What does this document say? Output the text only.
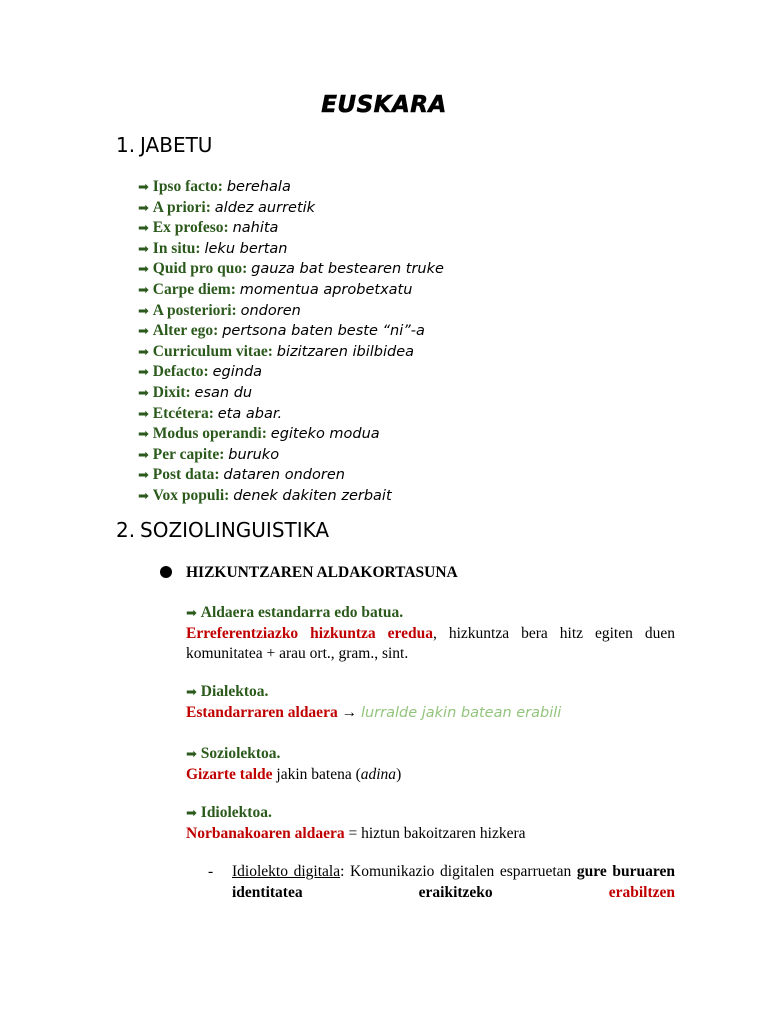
EUSKARA
1. JABETU
➡ Ipso facto: berehala
➡ A priori: aldez aurretik
➡ Ex profeso: nahita
➡ In situ: leku bertan
➡ Quid pro quo: gauza bat bestearen truke
➡ Carpe diem: momentua aprobetxatu
➡ A posteriori: ondoren
➡ Alter ego: pertsona baten beste “ni”-a
➡ Curriculum vitae: bizitzaren ibilbidea
➡ Defacto: eginda
➡ Dixit: esan du
➡ Etcétera: eta abar.
➡ Modus operandi: egiteko modua
➡ Per capite: buruko
➡ Post data: dataren ondoren
➡ Vox populi: denek dakiten zerbait
2. SOZIOLINGUISTIKA
HIZKUNTZAREN ALDAKORTASUNA
➡ Aldaera estandarra edo batua.
Erreferentziazko hizkuntza eredua, hizkuntza bera hitz egiten duen komunitatea + arau ort., gram., sint.
➡ Dialektoa.
Estandarraren aldaera → lurralde jakin batean erabili
➡ Soziolektoa.
Gizarte talde jakin batena (adina)
➡ Idiolektoa.
Norbanakoaren aldaera = hiztun bakoitzaren hizkera
- Idiolekto digitala: Komunikazio digitalen esparruetan gure buruaren identitatea eraikitzeko	erabiltzen
